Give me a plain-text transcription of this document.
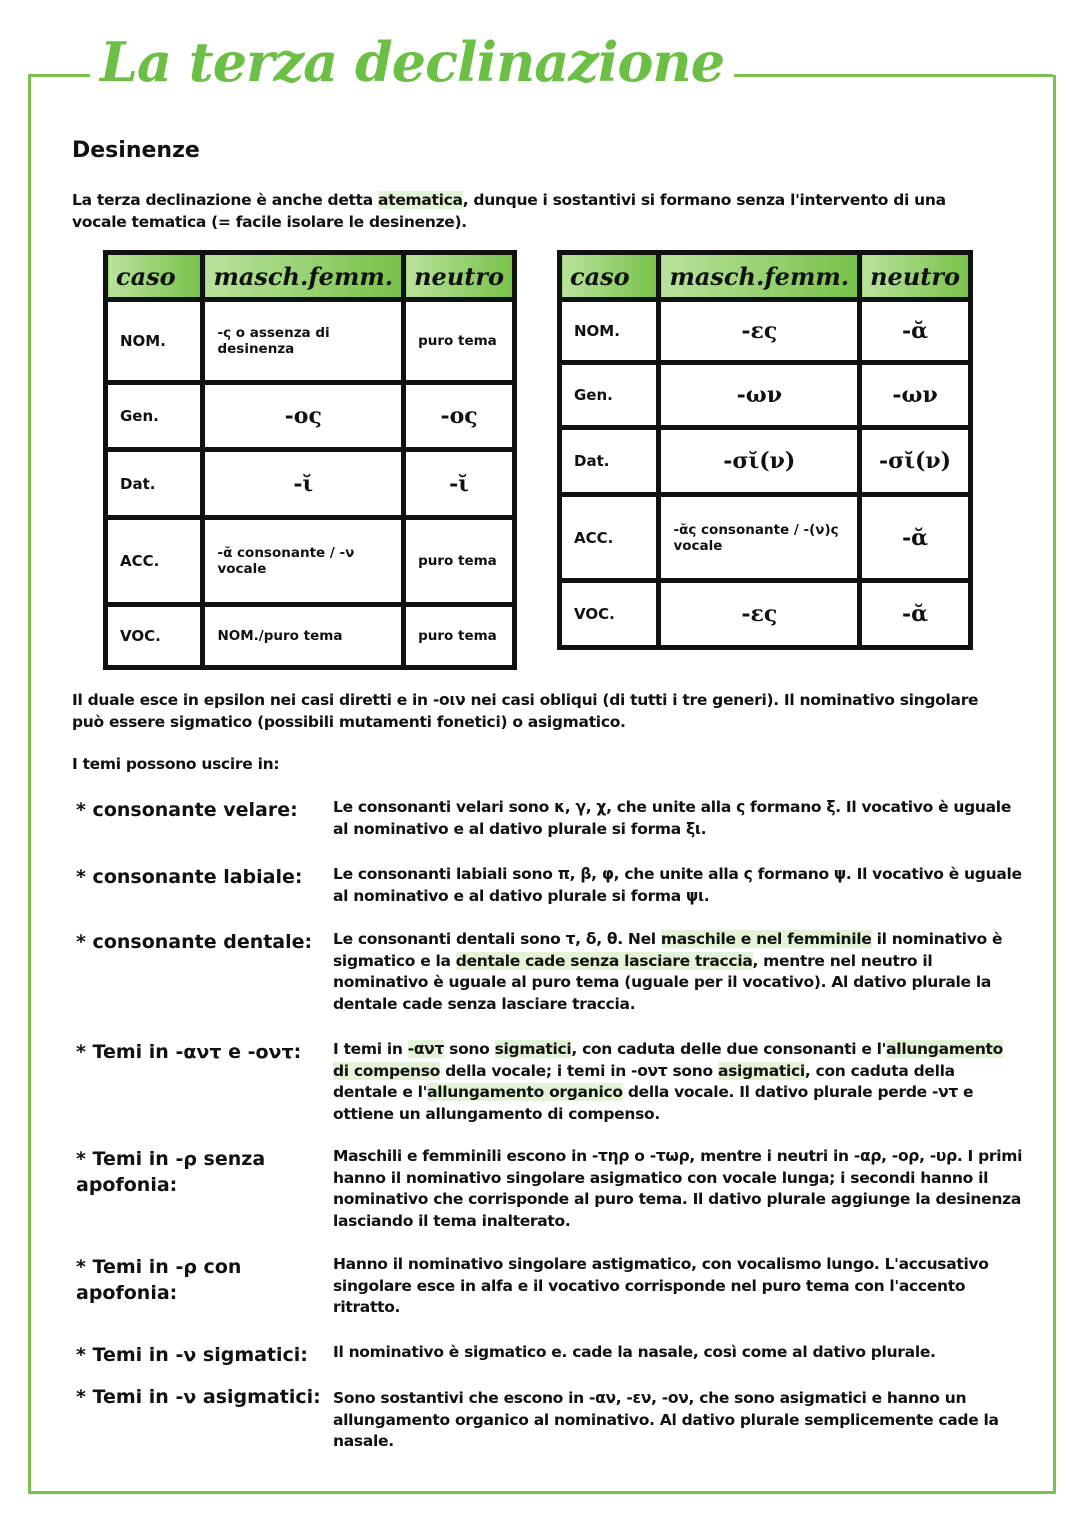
La terza declinazione
Desinenze
La terza declinazione è anche detta atematica, dunque i sostantivi si formano senza l'intervento di una vocale tematica (= facile isolare le desinenze).
caso	masch.femm.	neutro
NOM.	-ς o assenza di desinenza	puro tema
Gen.	-ος	-ος
Dat.	-ῐ	-ῐ
ACC.	-ᾰ consonante / -ν vocale	puro tema
VOC.	NOM./puro tema	puro tema
caso	masch.femm.	neutro
NOM.	-ες	-ᾰ
Gen.	-ων	-ων
Dat.	-σῐ(ν)	-σῐ(ν)
ACC.	-ᾰς consonante / -(ν)ς vocale	-ᾰ
VOC.	-ες	-ᾰ
Il duale esce in epsilon nei casi diretti e in -οιν nei casi obliqui (di tutti i tre generi). Il nominativo singolare può essere sigmatico (possibili mutamenti fonetici) o asigmatico.
I temi possono uscire in:
* consonante velare:	Le consonanti velari sono κ, γ, χ, che unite alla ς formano ξ. Il vocativo è uguale al nominativo e al dativo plurale si forma ξι.
* consonante labiale:	Le consonanti labiali sono π, β, φ, che unite alla ς formano ψ. Il vocativo è uguale al nominativo e al dativo plurale si forma ψι.
* consonante dentale:	Le consonanti dentali sono τ, δ, θ. Nel maschile e nel femminile il nominativo è sigmatico e la dentale cade senza lasciare traccia, mentre nel neutro il nominativo è uguale al puro tema (uguale per il vocativo). Al dativo plurale la dentale cade senza lasciare traccia.
* Temi in -αντ e -οντ:	I temi in -αντ sono sigmatici, con caduta delle due consonanti e l'allungamento di compenso della vocale; i temi in -οντ sono asigmatici, con caduta della dentale e l'allungamento organico della vocale. Il dativo plurale perde -ντ e ottiene un allungamento di compenso.
* Temi in -ρ senza apofonia:
Maschili e femminili escono in -τηρ o -τωρ, mentre i neutri in -αρ, -ορ, -υρ. I primi hanno il nominativo singolare asigmatico con vocale lunga; i secondi hanno il nominativo che corrisponde al puro tema. Il dativo plurale aggiunge la desinenza lasciando il tema inalterato.
* Temi in -ρ con apofonia:
Hanno il nominativo singolare astigmatico, con vocalismo lungo. L'accusativo singolare esce in alfa e il vocativo corrisponde nel puro tema con l'accento ritratto.
* Temi in -ν sigmatici:	Il nominativo è sigmatico e. cade la nasale, così come al dativo plurale.
* Temi in -ν asigmatici: Sono sostantivi che escono in -αν, -εν, -ον, che sono asigmatici e hanno un allungamento organico al nominativo. Al dativo plurale semplicemente cade la nasale.
